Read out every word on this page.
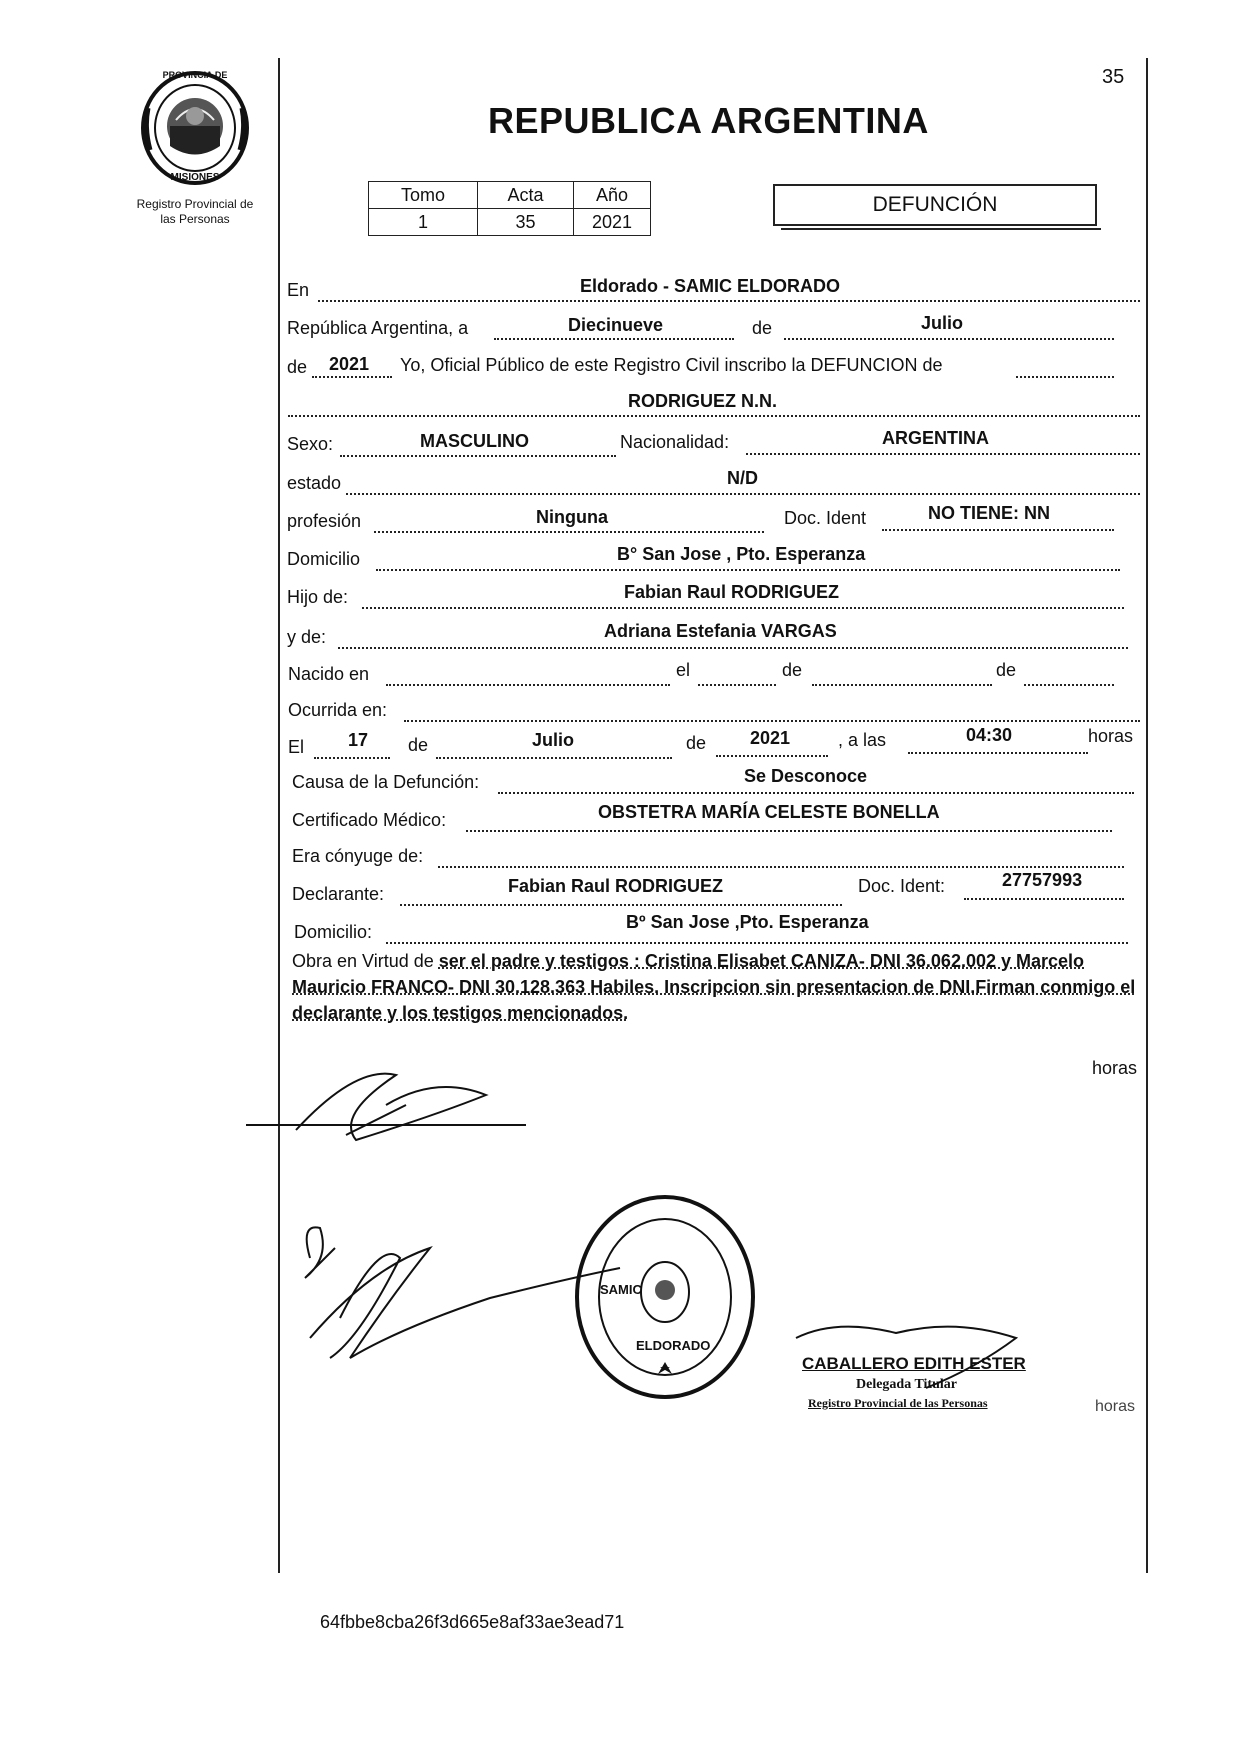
PROVINCIA DE
MISIONES
Registro Provincial de
las Personas
35
REPUBLICA ARGENTINA
Tomo	Acta	Año
1	35	2021
DEFUNCIÓN
En	Eldorado - SAMIC ELDORADO
República Argentina, a	Diecinueve	de	Julio
de 2021 Yo, Oficial Público de este Registro Civil inscribo la DEFUNCION de
RODRIGUEZ N.N.
Sexo:	MASCULINO	Nacionalidad:	ARGENTINA
estado	N/D
profesión	Ninguna	Doc. Ident	NO TIENE: NN
Domicilio	B° San Jose , Pto. Esperanza
Hijo de:	Fabian Raul RODRIGUEZ
y de:	Adriana Estefania VARGAS
Nacido en	el	de	de
Ocurrida en:
El 17 de	Julio	de 2021	, a las	04:30	horas
Causa de la Defunción:	Se Desconoce
Certificado Médico:	OBSTETRA MARÍA CELESTE BONELLA
Era cónyuge de:
Declarante:	Fabian Raul RODRIGUEZ	Doc. Ident:	27757993
Domicilio:	Bº San Jose ,Pto. Esperanza
Obra en Virtud de ser el padre y testigos : Cristina Elisabet CANIZA- DNI 36.062.002 y Marcelo Mauricio FRANCO- DNI 30.128.363 Habiles. Inscripcion sin presentacion de DNI.Firman conmigo el declarante y los testigos mencionados.
horas
SAMIC
ELDORADO
CABALLERO EDITH ESTER
Delegada Titular
Registro Provincial de las Personas	horas
64fbbe8cba26f3d665e8af33ae3ead71
